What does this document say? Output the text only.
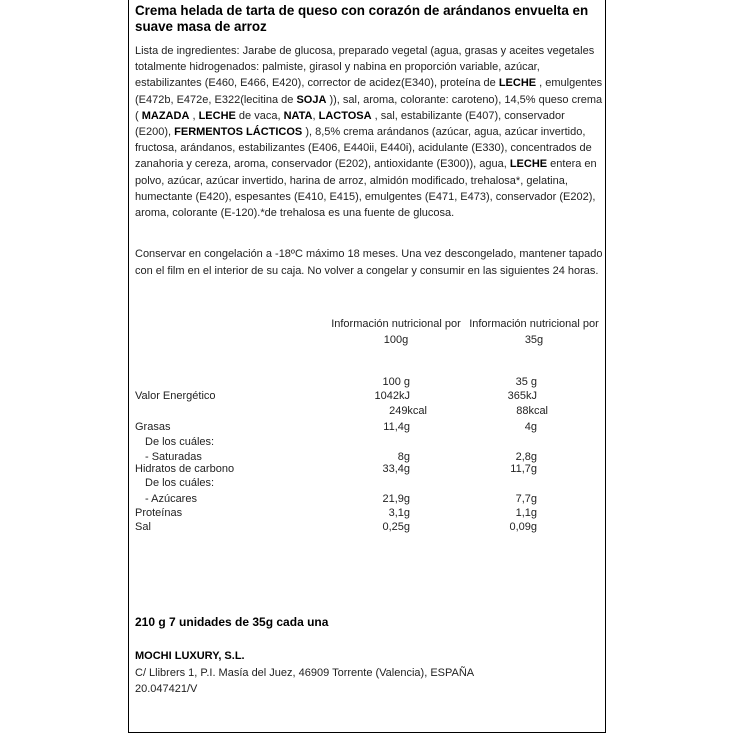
Crema helada de tarta de queso con corazón de arándanos envuelta en suave masa de arroz
Lista de ingredientes: Jarabe de glucosa, preparado vegetal (agua, grasas y aceites vegetales totalmente hidrogenados: palmiste, girasol y nabina en proporción variable, azúcar, estabilizantes (E460, E466, E420), corrector de acidez(E340), proteína de LECHE , emulgentes (E472b, E472e, E322(lecitina de SOJA )), sal, aroma, colorante: caroteno), 14,5% queso crema ( MAZADA , LECHE de vaca, NATA, LACTOSA , sal, estabilizante (E407), conservador (E200), FERMENTOS LÁCTICOS ), 8,5% crema arándanos (azúcar, agua, azúcar invertido, fructosa, arándanos, estabilizantes (E406, E440ii, E440i), acidulante (E330), concentrados de zanahoria y cereza, aroma, conservador (E202), antioxidante (E300)), agua, LECHE entera en polvo, azúcar, azúcar invertido, harina de arroz, almidón modificado, trehalosa*, gelatina, humectante (E420), espesantes (E410, E415), emulgentes (E471, E473), conservador (E202), aroma, colorante (E-120).*de trehalosa es una fuente de glucosa.
Conservar en congelación a -18ºC máximo 18 meses. Una vez descongelado, mantener tapado con el film en el interior de su caja. No volver a congelar y consumir en las siguientes 24 horas.
Información nutricional por 100g
Información nutricional por 35g
100 g	35 g
Valor Energético	1042kJ	365kJ
249kcal	88kcal
Grasas	11,4g	4g
De los cuáles:
- Saturadas	8g	2,8g
Hidratos de carbono	33,4g	11,7g
De los cuáles:
- Azúcares	21,9g	7,7g
Proteínas	3,1g	1,1g
Sal	0,25g	0,09g
210 g 7 unidades de 35g cada una
MOCHI LUXURY, S.L.
C/ Llibrers 1, P.I. Masía del Juez, 46909 Torrente (Valencia), ESPAÑA
20.047421/V
